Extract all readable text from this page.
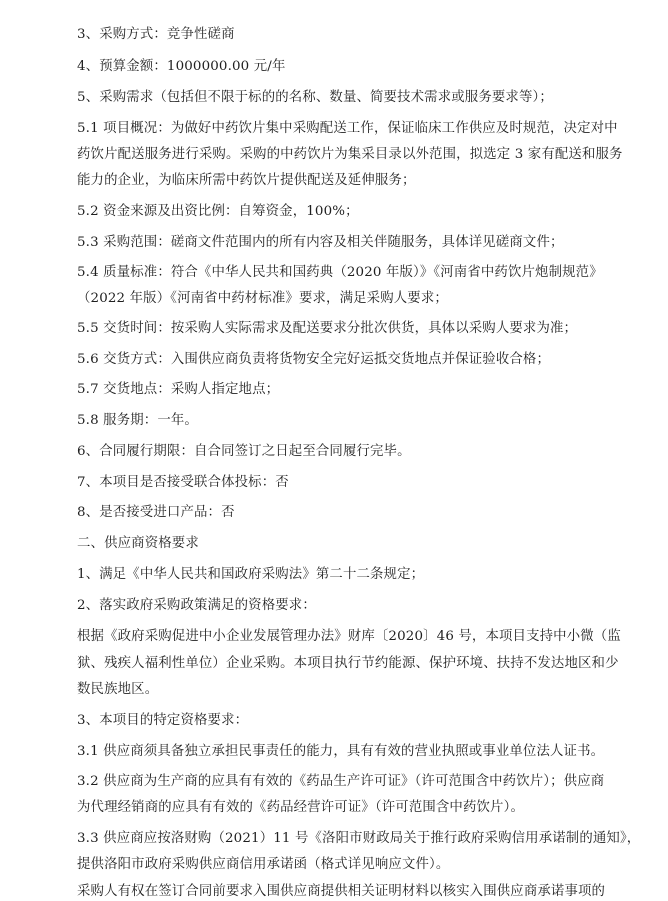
3、采购方式：竞争性磋商
4、预算金额：1000000.00 元/年
5、采购需求（包括但不限于标的的名称、数量、简要技术需求或服务要求等）；
5.1 项目概况：为做好中药饮片集中采购配送工作，保证临床工作供应及时规范，决定对中
药饮片配送服务进行采购。采购的中药饮片为集采目录以外范围，拟选定 3 家有配送和服务
能力的企业，为临床所需中药饮片提供配送及延伸服务；
5.2 资金来源及出资比例：自筹资金，100%；
5.3 采购范围：磋商文件范围内的所有内容及相关伴随服务，具体详见磋商文件；
5.4 质量标准：符合《中华人民共和国药典（2020 年版）》《河南省中药饮片炮制规范》
（2022 年版）《河南省中药材标准》要求，满足采购人要求；
5.5 交货时间：按采购人实际需求及配送要求分批次供货，具体以采购人要求为准；
5.6 交货方式：入围供应商负责将货物安全完好运抵交货地点并保证验收合格；
5.7 交货地点：采购人指定地点；
5.8 服务期：一年。
6、合同履行期限：自合同签订之日起至合同履行完毕。
7、本项目是否接受联合体投标：否
8、是否接受进口产品：否
二、供应商资格要求
1、满足《中华人民共和国政府采购法》第二十二条规定；
2、落实政府采购政策满足的资格要求：
根据《政府采购促进中小企业发展管理办法》财库〔2020〕46 号，本项目支持中小微（监
狱、残疾人福利性单位）企业采购。本项目执行节约能源、保护环境、扶持不发达地区和少
数民族地区。
3、本项目的特定资格要求：
3.1 供应商须具备独立承担民事责任的能力，具有有效的营业执照或事业单位法人证书。
3.2 供应商为生产商的应具有有效的《药品生产许可证》（许可范围含中药饮片）；供应商
为代理经销商的应具有有效的《药品经营许可证》（许可范围含中药饮片）。
3.3 供应商应按洛财购（2021）11 号《洛阳市财政局关于推行政府采购信用承诺制的通知》，
提供洛阳市政府采购供应商信用承诺函（格式详见响应文件）。
采购人有权在签订合同前要求入围供应商提供相关证明材料以核实入围供应商承诺事项的
